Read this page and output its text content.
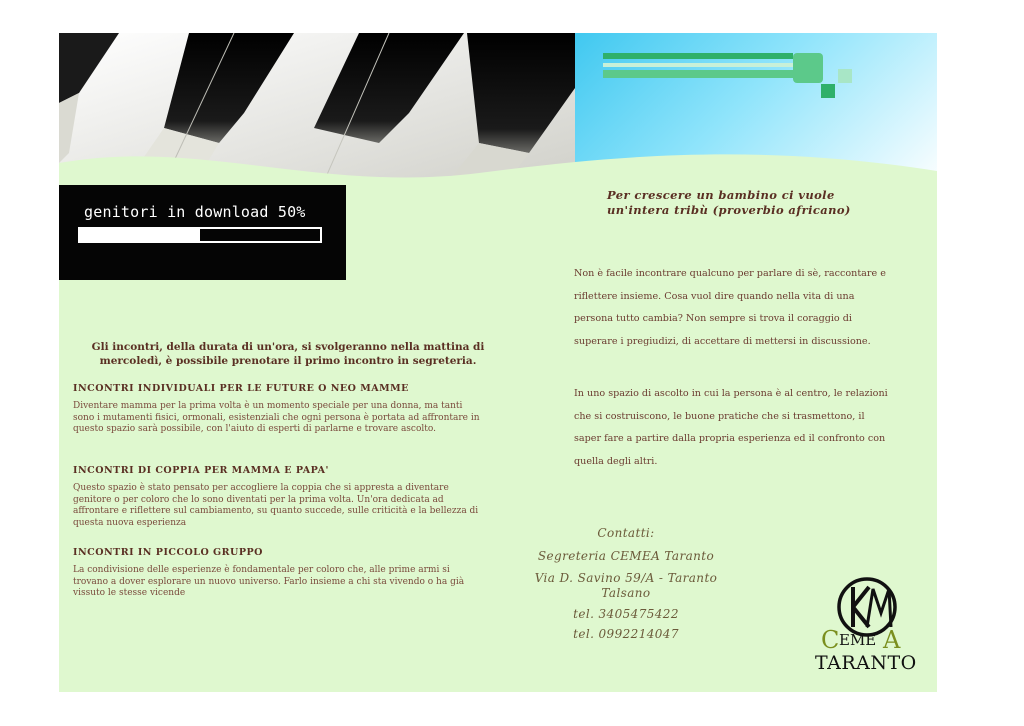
genitori in download 50%
Gli incontri, della durata di un'ora, si svolgeranno nella mattina di mercoledì, è possibile prenotare il primo incontro in segreteria.
INCONTRI INDIVIDUALI PER LE FUTURE O NEO MAMME

Diventare mamma per la prima volta è un momento speciale per una donna, ma tanti sono i mutamenti fisici, ormonali, esistenziali che ogni persona è portata ad affrontare in questo spazio sarà possibile, con l'aiuto di esperti di parlarne e trovare ascolto.

INCONTRI DI COPPIA PER MAMMA E PAPA'

Questo spazio è stato pensato per accogliere la coppia che si appresta a diventare genitore o per coloro che lo sono diventati per la prima volta. Un'ora dedicata ad affrontare e riflettere sul cambiamento, su quanto succede, sulle criticità e la bellezza di questa nuova esperienza

INCONTRI IN PICCOLO GRUPPO

La condivisione delle esperienze è fondamentale per coloro che, alle prime armi si trovano a dover esplorare un nuovo universo. Farlo insieme a chi sta vivendo o ha già vissuto le stesse vicende

Per crescere un bambino ci vuole un'intera tribù (proverbio africano)

Non è facile incontrare qualcuno per parlare di sè, raccontare e riflettere insieme. Cosa vuol dire quando nella vita di una persona tutto cambia? Non sempre si trova il coraggio di superare i pregiudizi, di accettare di mettersi in discussione.

In uno spazio di ascolto in cui la persona è al centro, le relazioni che si costruiscono, le buone pratiche che si trasmettono, il saper fare a partire dalla propria esperienza ed il confronto con quella degli altri.

Contatti:
Segreteria CEMEA Taranto
Via D. Savino 59/A - Taranto Talsano
tel. 3405475422
tel. 0992214047	C EME A
TARANTO
